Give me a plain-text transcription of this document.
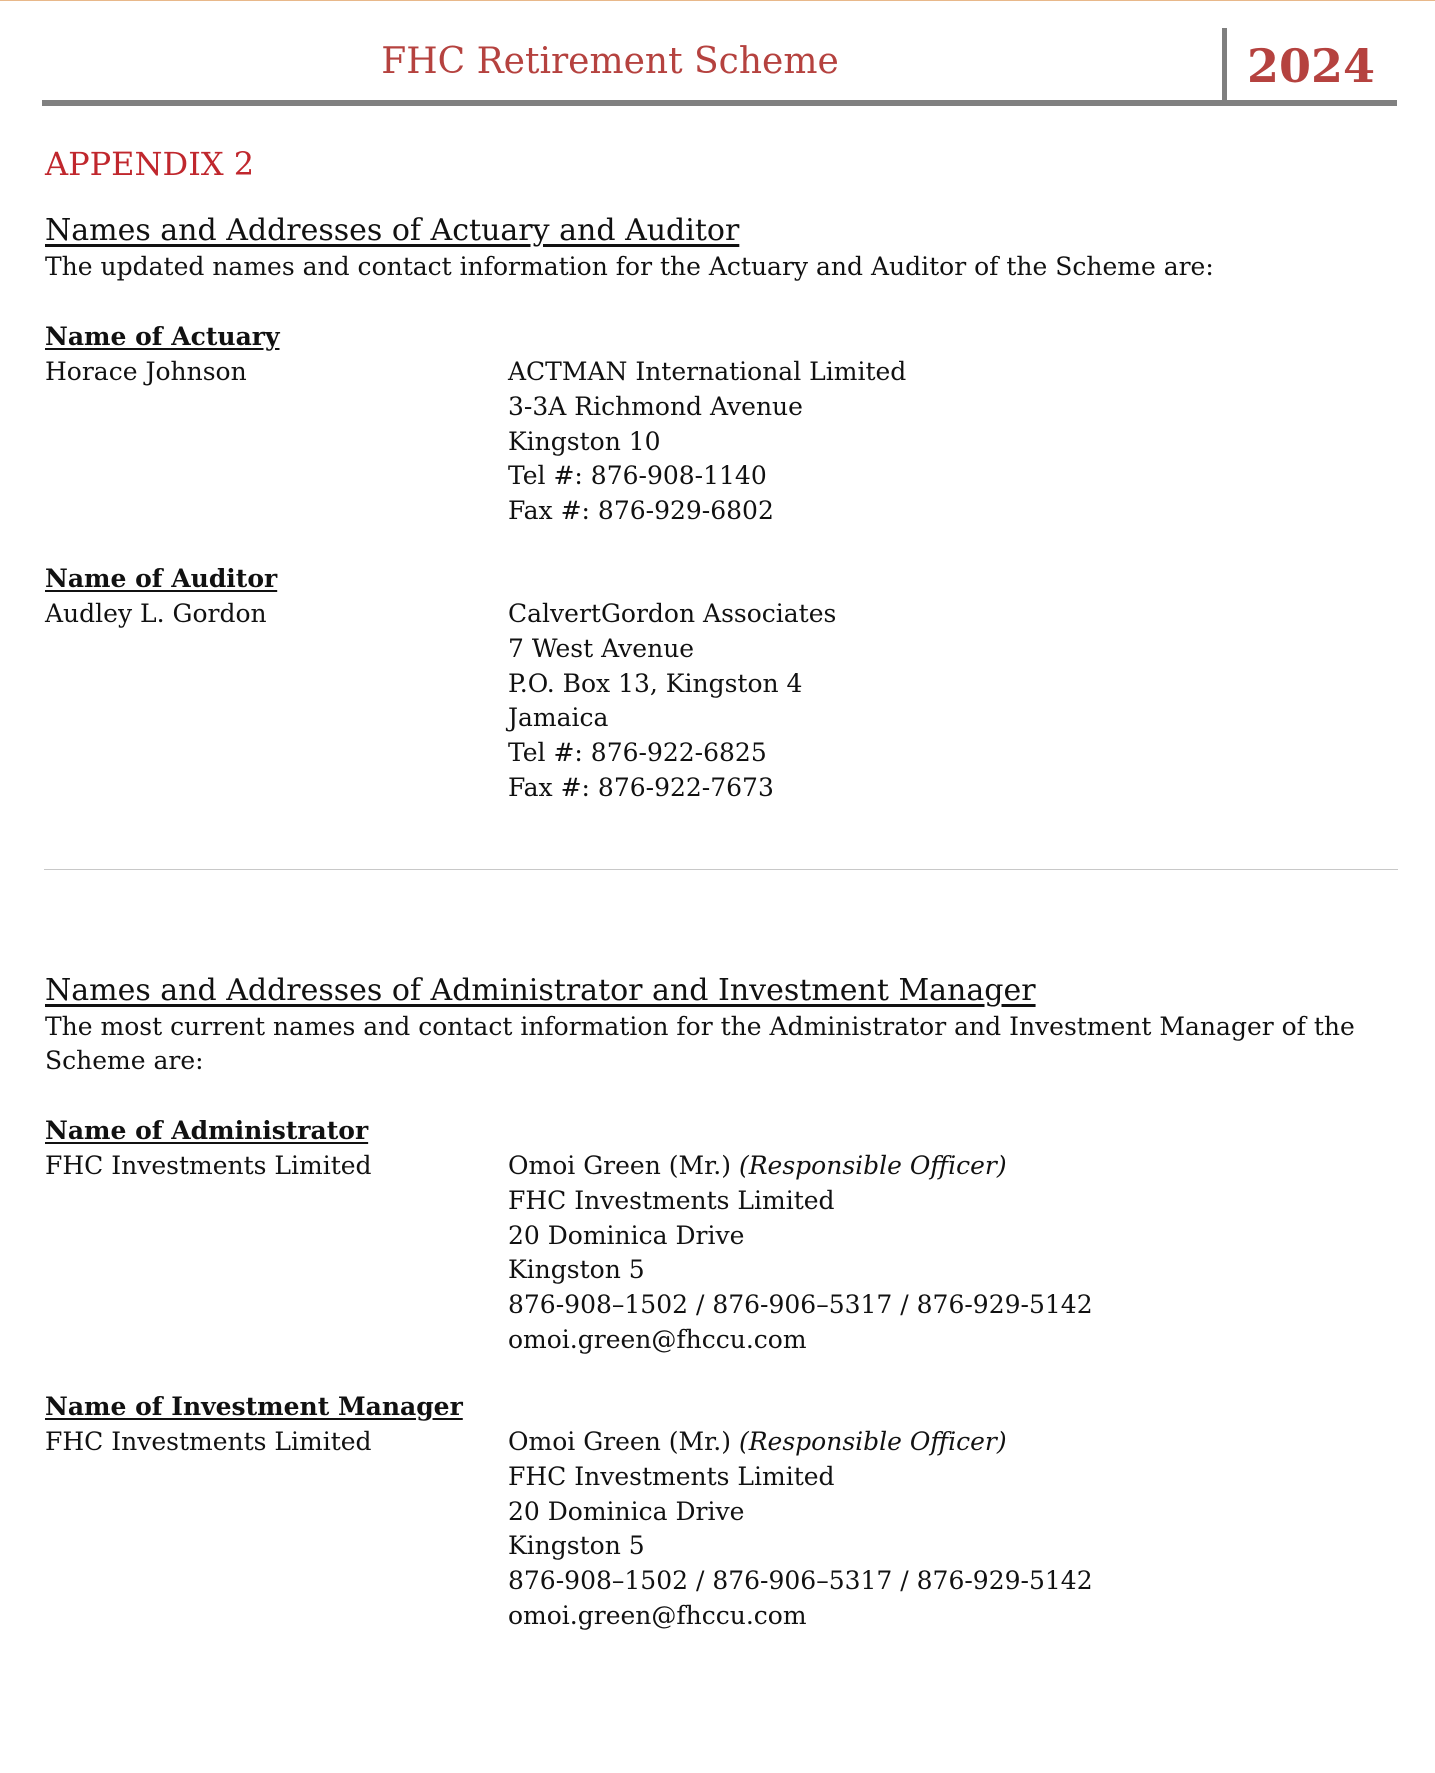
FHC Retirement Scheme	2024
APPENDIX 2
Names and Addresses of Actuary and Auditor
The updated names and contact information for the Actuary and Auditor of the Scheme are:
Name of Actuary
Horace Johnson	ACTMAN International Limited
3-3A Richmond Avenue
Kingston 10
Tel #: 876-908-1140
Fax #: 876-929-6802
Name of Auditor
Audley L. Gordon	CalvertGordon Associates
7 West Avenue
P.O. Box 13, Kingston 4
Jamaica
Tel #: 876-922-6825
Fax #: 876-922-7673
Names and Addresses of Administrator and Investment Manager
The most current names and contact information for the Administrator and Investment Manager of the Scheme are:
Name of Administrator
FHC Investments Limited	Omoi Green (Mr.) (Responsible Officer)
FHC Investments Limited
20 Dominica Drive
Kingston 5
876-908–1502 / 876-906–5317 / 876-929-5142
omoi.green@fhccu.com
Name of Investment Manager
FHC Investments Limited	Omoi Green (Mr.) (Responsible Officer)
FHC Investments Limited
20 Dominica Drive
Kingston 5
876-908–1502 / 876-906–5317 / 876-929-5142
omoi.green@fhccu.com
